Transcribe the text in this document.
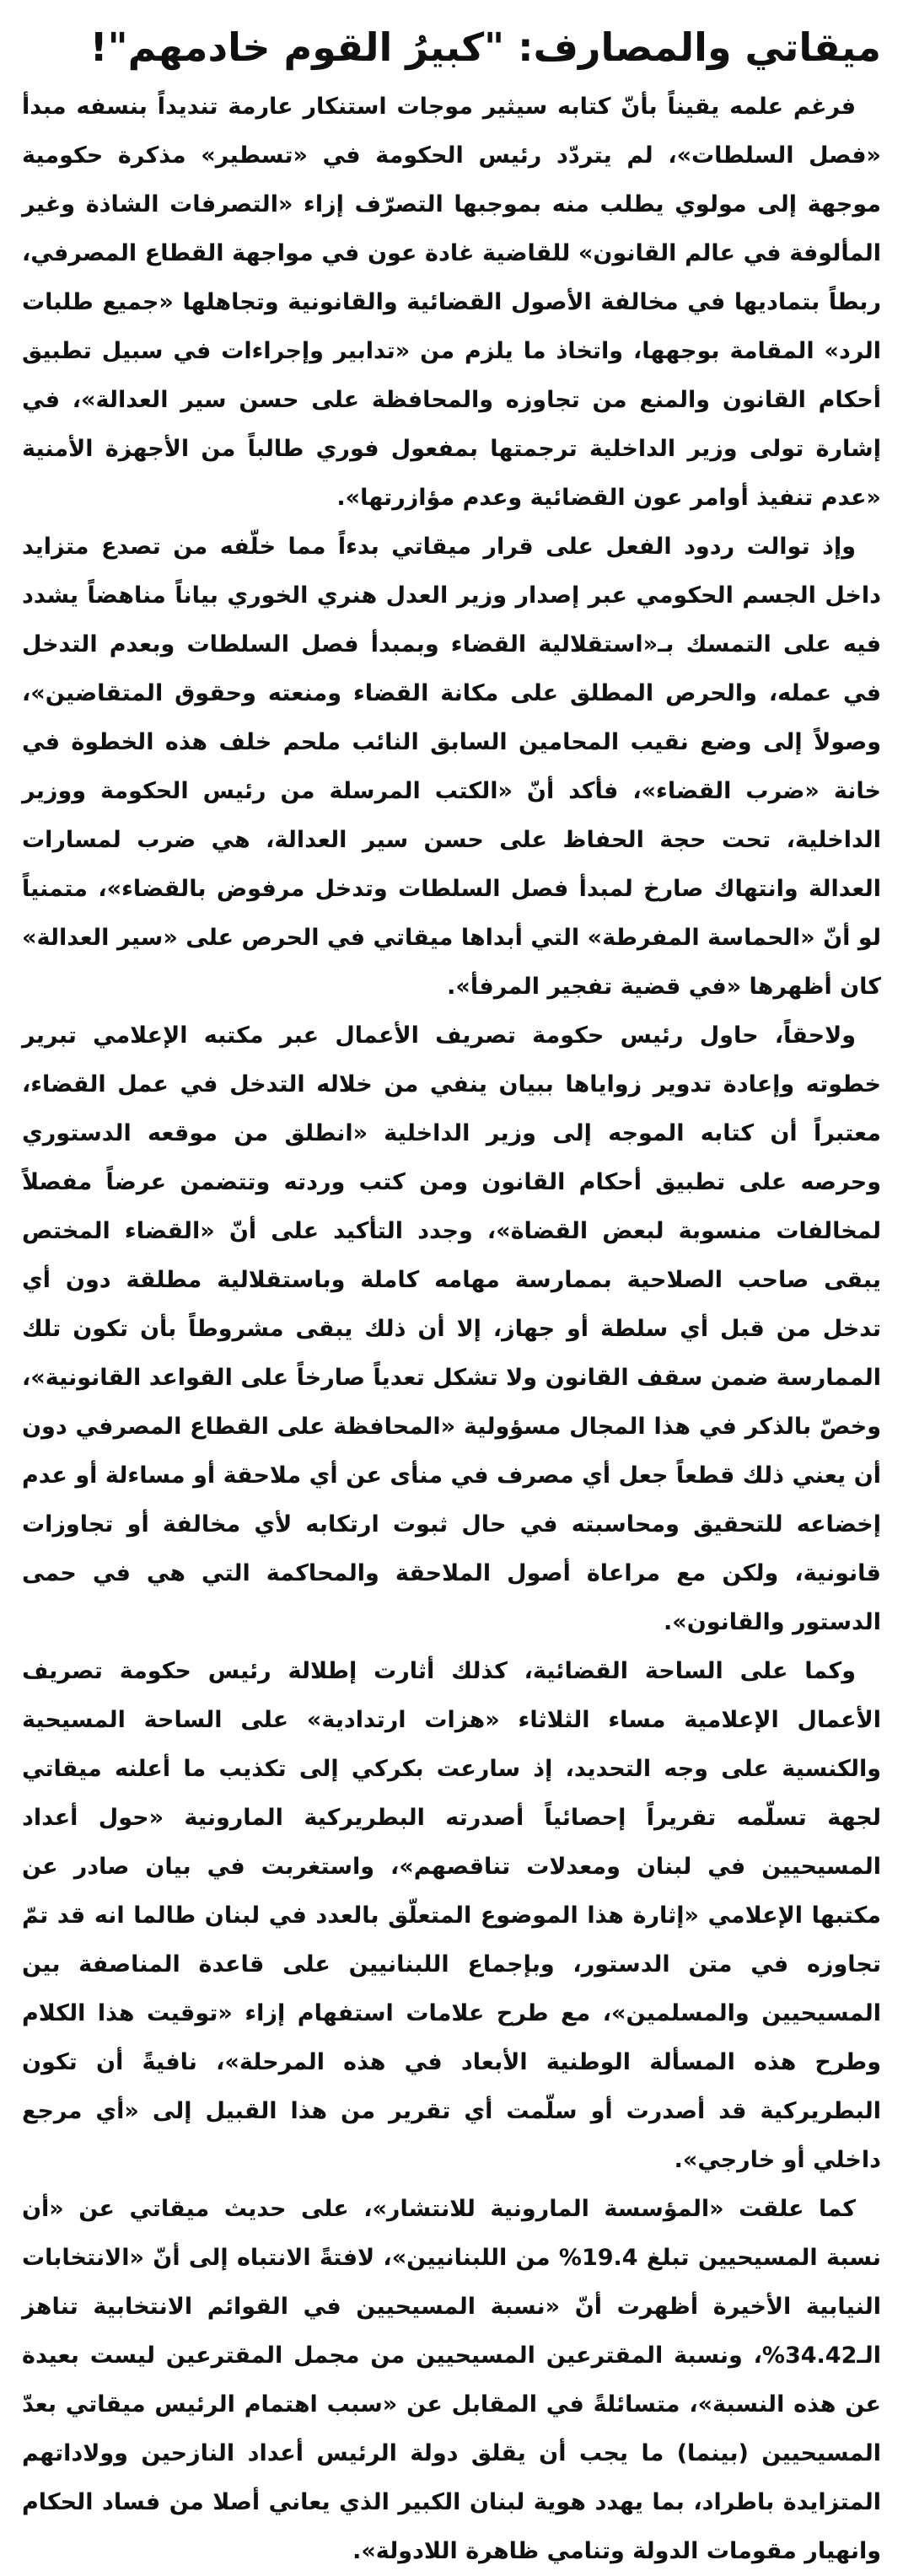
ميقاتي والمصارف: "كبيرُ القوم خادمهم"!

فرغم علمه يقيناً بأنّ كتابه سيثير موجات استنكار عارمة تنديداً بنسفه مبدأ «فصل السلطات»، لم يتردّد رئيس الحكومة في «تسطير» مذكرة حكومية موجهة إلى مولوي يطلب منه بموجبها التصرّف إزاء «التصرفات الشاذة وغير المألوفة في عالم القانون» للقاضية غادة عون في مواجهة القطاع المصرفي، ربطاً بتماديها في مخالفة الأصول القضائية والقانونية وتجاهلها «جميع طلبات الرد» المقامة بوجهها، واتخاذ ما يلزم من «تدابير وإجراءات في سبيل تطبيق أحكام القانون والمنع من تجاوزه والمحافظة على حسن سير العدالة»، في إشارة تولى وزير الداخلية ترجمتها بمفعول فوري طالباً من الأجهزة الأمنية «عدم تنفيذ أوامر عون القضائية وعدم مؤازرتها».

وإذ توالت ردود الفعل على قرار ميقاتي بدءاً مما خلّفه من تصدع متزايد داخل الجسم الحكومي عبر إصدار وزير العدل هنري الخوري بياناً مناهضاً يشدد فيه على التمسك بـ«استقلالية القضاء وبمبدأ فصل السلطات وبعدم التدخل في عمله، والحرص المطلق على مكانة القضاء ومنعته وحقوق المتقاضين»، وصولاً إلى وضع نقيب المحامين السابق النائب ملحم خلف هذه الخطوة في خانة «ضرب القضاء»، فأكد أنّ «الكتب المرسلة من رئيس الحكومة ووزير الداخلية، تحت حجة الحفاظ على حسن سير العدالة، هي ضرب لمسارات العدالة وانتهاك صارخ لمبدأ فصل السلطات وتدخل مرفوض بالقضاء»، متمنياً لو أنّ «الحماسة المفرطة» التي أبداها ميقاتي في الحرص على «سير العدالة» كان أظهرها «في قضية تفجير المرفأ».

ولاحقاً، حاول رئيس حكومة تصريف الأعمال عبر مكتبه الإعلامي تبرير خطوته وإعادة تدوير زواياها ببيان ينفي من خلاله التدخل في عمل القضاء، معتبراً أن كتابه الموجه إلى وزير الداخلية «انطلق من موقعه الدستوري وحرصه على تطبيق أحكام القانون ومن كتب وردته وتتضمن عرضاً مفصلاً لمخالفات منسوبة لبعض القضاة»، وجدد التأكيد على أنّ «القضاء المختص يبقى صاحب الصلاحية بممارسة مهامه كاملة وباستقلالية مطلقة دون أي تدخل من قبل أي سلطة أو جهاز، إلا أن ذلك يبقى مشروطاً بأن تكون تلك الممارسة ضمن سقف القانون ولا تشكل تعدياً صارخاً على القواعد القانونية»، وخصّ بالذكر في هذا المجال مسؤولية «المحافظة على القطاع المصرفي دون أن يعني ذلك قطعاً جعل أي مصرف في منأى عن أي ملاحقة أو مساءلة أو عدم إخضاعه للتحقيق ومحاسبته في حال ثبوت ارتكابه لأي مخالفة أو تجاوزات قانونية، ولكن مع مراعاة أصول الملاحقة والمحاكمة التي هي في حمى الدستور والقانون».

وكما على الساحة القضائية، كذلك أثارت إطلالة رئيس حكومة تصريف الأعمال الإعلامية مساء الثلاثاء «هزات ارتدادية» على الساحة المسيحية والكنسية على وجه التحديد، إذ سارعت بكركي إلى تكذيب ما أعلنه ميقاتي لجهة تسلّمه تقريراً إحصائياً أصدرته البطريركية المارونية «حول أعداد المسيحيين في لبنان ومعدلات تناقصهم»، واستغربت في بيان صادر عن مكتبها الإعلامي «إثارة هذا الموضوع المتعلّق بالعدد في لبنان طالما انه قد تمّ تجاوزه في متن الدستور، وبإجماع اللبنانيين على قاعدة المناصفة بين المسيحيين والمسلمين»، مع طرح علامات استفهام إزاء «توقيت هذا الكلام وطرح هذه المسألة الوطنية الأبعاد في هذه المرحلة»، نافيةً أن تكون البطريركية قد أصدرت أو سلّمت أي تقرير من هذا القبيل إلى «أي مرجع داخلي أو خارجي».

كما علقت «المؤسسة المارونية للانتشار»، على حديث ميقاتي عن «أن نسبة المسيحيين تبلغ 19.4% من اللبنانيين»، لافتةً الانتباه إلى أنّ «الانتخابات النيابية الأخيرة أظهرت أنّ «نسبة المسيحيين في القوائم الانتخابية تناهز الـ34.42%، ونسبة المقترعين المسيحيين من مجمل المقترعين ليست بعيدة عن هذه النسبة»، متسائلةً في المقابل عن «سبب اهتمام الرئيس ميقاتي بعدّ المسيحيين (بينما) ما يجب أن يقلق دولة الرئيس أعداد النازحين وولاداتهم المتزايدة باطراد، بما يهدد هوية لبنان الكبير الذي يعاني أصلا من فساد الحكام وانهيار مقومات الدولة وتنامي ظاهرة اللادولة».
